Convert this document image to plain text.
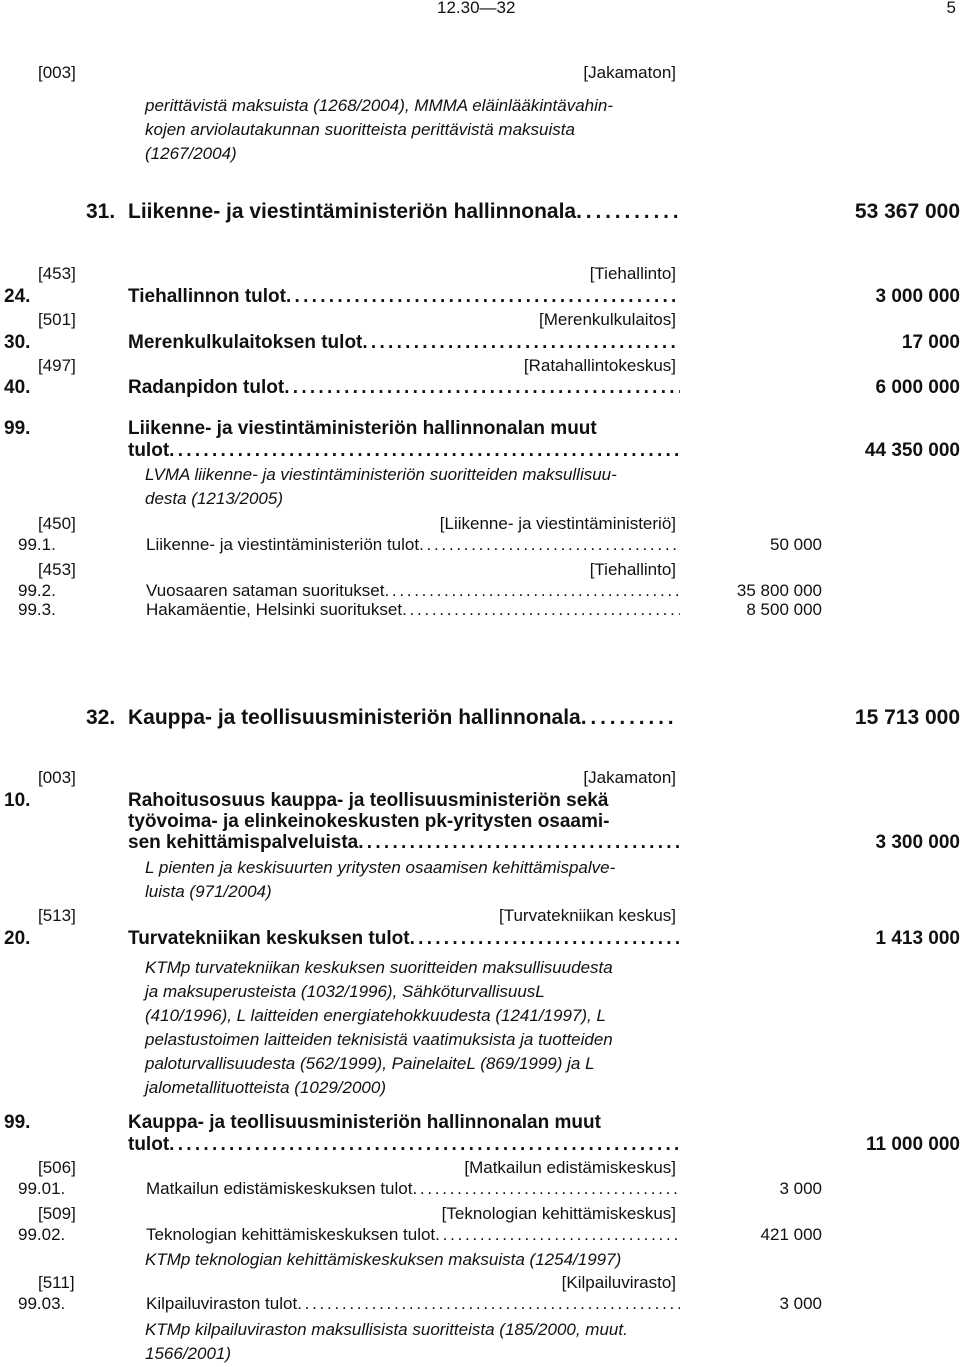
12.30—32	5
[003]	[Jakamaton]
perittävistä maksuista (1268/2004), MMMA eläinlääkintävahin-
kojen arviolautakunnan suoritteista perittävistä maksuista
(1267/2004)
31. Liikenne- ja viestintäministeriön hallinnonala . . .	53 367 000
[453]	[Tiehallinto]
24.	Tiehallinnon tulot . . .	3 000 000
[501]	[Merenkulkulaitos]
30.	Merenkulkulaitoksen tulot . . .	17 000
[497]	[Ratahallintokeskus]
40.	Radanpidon tulot . . .	6 000 000
99.	Liikenne- ja viestintäministeriön hallinnonalan muut
tulot . . .	44 350 000
LVMA liikenne- ja viestintäministeriön suoritteiden maksullisuu-
desta (1213/2005)
[450]	[Liikenne- ja viestintäministeriö]
99.1.	Liikenne- ja viestintäministeriön tulot . . .	50 000
[453]	[Tiehallinto]
99.2.	Vuosaaren sataman suoritukset . . .	35 800 000
99.3.	Hakamäentie, Helsinki suoritukset . . .	8 500 000
32. Kauppa- ja teollisuusministeriön hallinnonala . . .	15 713 000
[003]	[Jakamaton]
10.	Rahoitusosuus kauppa- ja teollisuusministeriön sekä
työvoima- ja elinkeinokeskusten pk-yritysten osaami-
sen kehittämispalveluista . . .	3 300 000
L pienten ja keskisuurten yritysten osaamisen kehittämispalve-
luista (971/2004)
[513]	[Turvatekniikan keskus]
20.	Turvatekniikan keskuksen tulot . . .	1 413 000
KTMp turvatekniikan keskuksen suoritteiden maksullisuudesta
ja maksuperusteista (1032/1996), SähköturvallisuusL
(410/1996), L laitteiden energiatehokkuudesta (1241/1997), L
pelastustoimen laitteiden teknisistä vaatimuksista ja tuotteiden
paloturvallisuudesta (562/1999), PainelaiteL (869/1999) ja L
jalometallituotteista (1029/2000)
99.	Kauppa- ja teollisuusministeriön hallinnonalan muut
tulot . . .	11 000 000
[506]	[Matkailun edistämiskeskus]
99.01.	Matkailun edistämiskeskuksen tulot . . .	3 000
[509]	[Teknologian kehittämiskeskus]
99.02.	Teknologian kehittämiskeskuksen tulot . . .	421 000
KTMp teknologian kehittämiskeskuksen maksuista (1254/1997)
[511]	[Kilpailuvirasto]
99.03.	Kilpailuviraston tulot . . .	3 000
KTMp kilpailuviraston maksullisista suoritteista (185/2000, muut.
1566/2001)
